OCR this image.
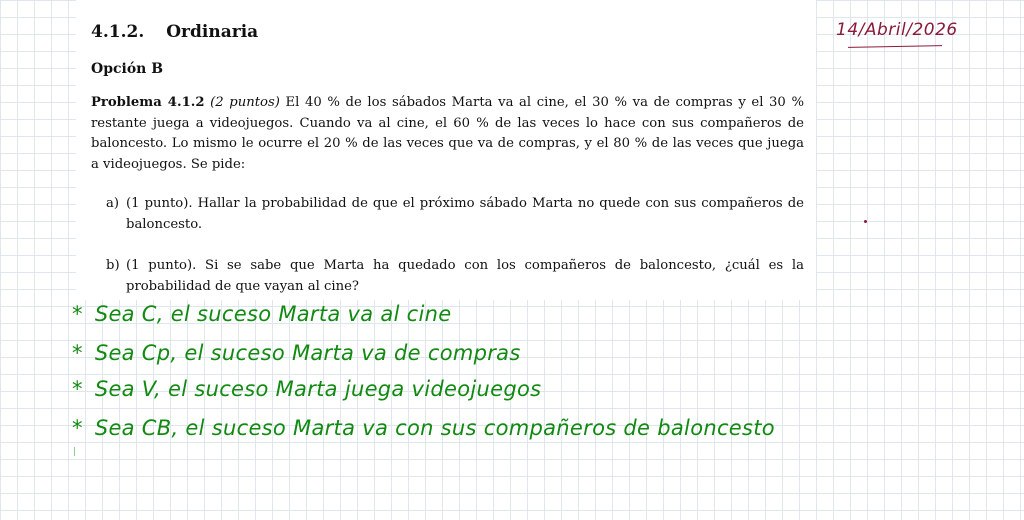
4.1.2. Ordinaria
Opción B

Problema 4.1.2 (2 puntos) El 40 % de los sábados Marta va al cine, el 30 % va de compras y el 30 % restante juega a videojuegos. Cuando va al cine, el 60 % de las veces lo hace con sus compañeros de baloncesto. Lo mismo le ocurre el 20 % de las veces que va de compras, y el 80 % de las veces que juega a videojuegos. Se pide:

a) (1 punto). Hallar la probabilidad de que el próximo sábado Marta no quede con sus compañeros de baloncesto.

b) (1 punto). Si se sabe que Marta ha quedado con los compañeros de baloncesto, ¿cuál es la probabilidad de que vayan al cine?

14/Abril/2026
* Sea C, el suceso Marta va al cine
* Sea Cp, el suceso Marta va de compras
* Sea V, el suceso Marta juega videojuegos
* Sea CB, el suceso Marta va con sus compañeros de baloncesto
